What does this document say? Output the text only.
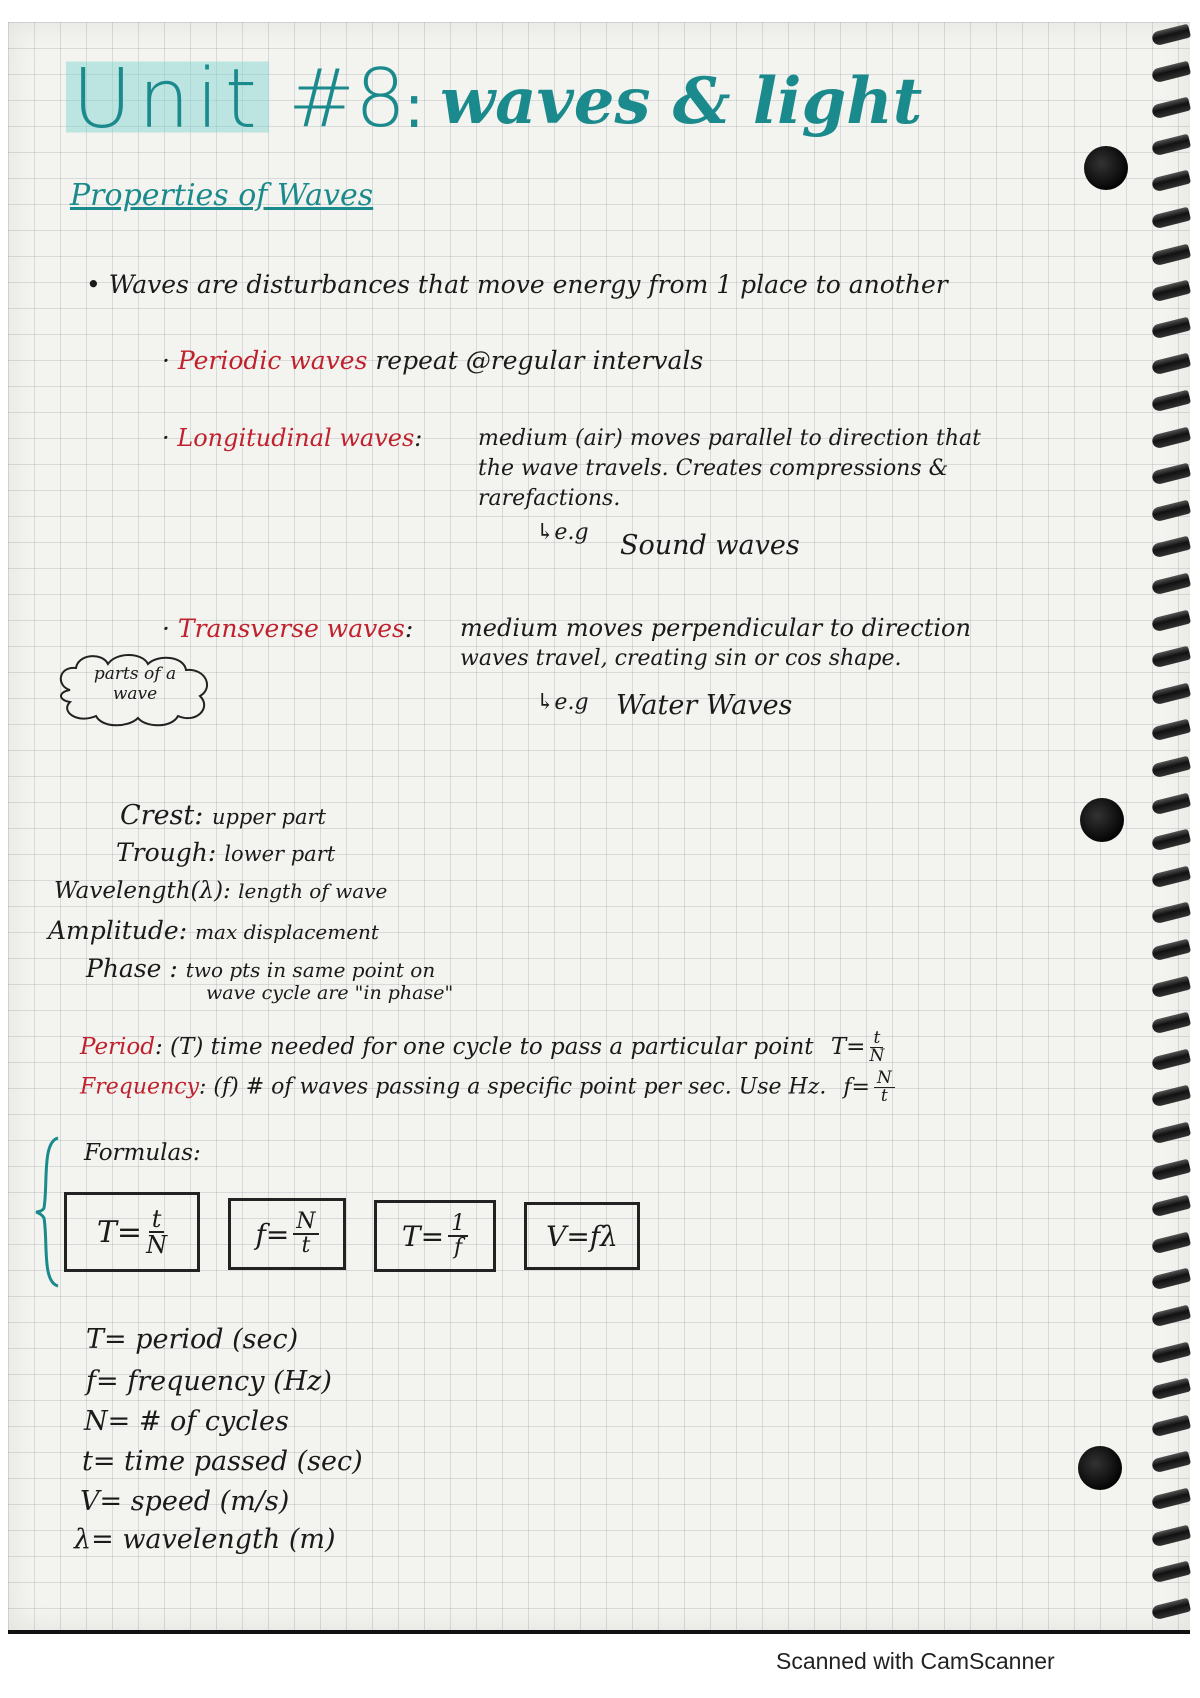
Unit #8
: waves & light
Properties of Waves
• Waves are disturbances that move energy from 1 place to another
· Periodic waves repeat @regular intervals
· Longitudinal waves:	medium (air) moves parallel to direction that
the wave travels. Creates compressions &
rarefactions.
↳e.g Sound waves
· Transverse waves: medium moves perpendicular to direction
waves travel, creating sin or cos shape.
↳e.g Water Waves
parts of a
wave
Crest: upper part
Trough: lower part
Wavelength(λ): length of wave
Amplitude: max displacement
Phase : two pts in same point on
wave cycle are "in phase"
Period: (T) time needed for one cycle to pass a particular point $T= \frac{t}{N}$
Frequency: (f) # of waves passing a specific point per sec. Use Hz. $f= \frac{N}{t}$
Formulas:
$T= \frac{t}{N}$	$f= \frac{N}{t}$	$T= \frac{1}{f}$	V=fλ
T= period (sec)
f= frequency (Hz)
N= # of cycles
t= time passed (sec)
V= speed (m/s)
λ= wavelength (m)
Scanned with CamScanner
